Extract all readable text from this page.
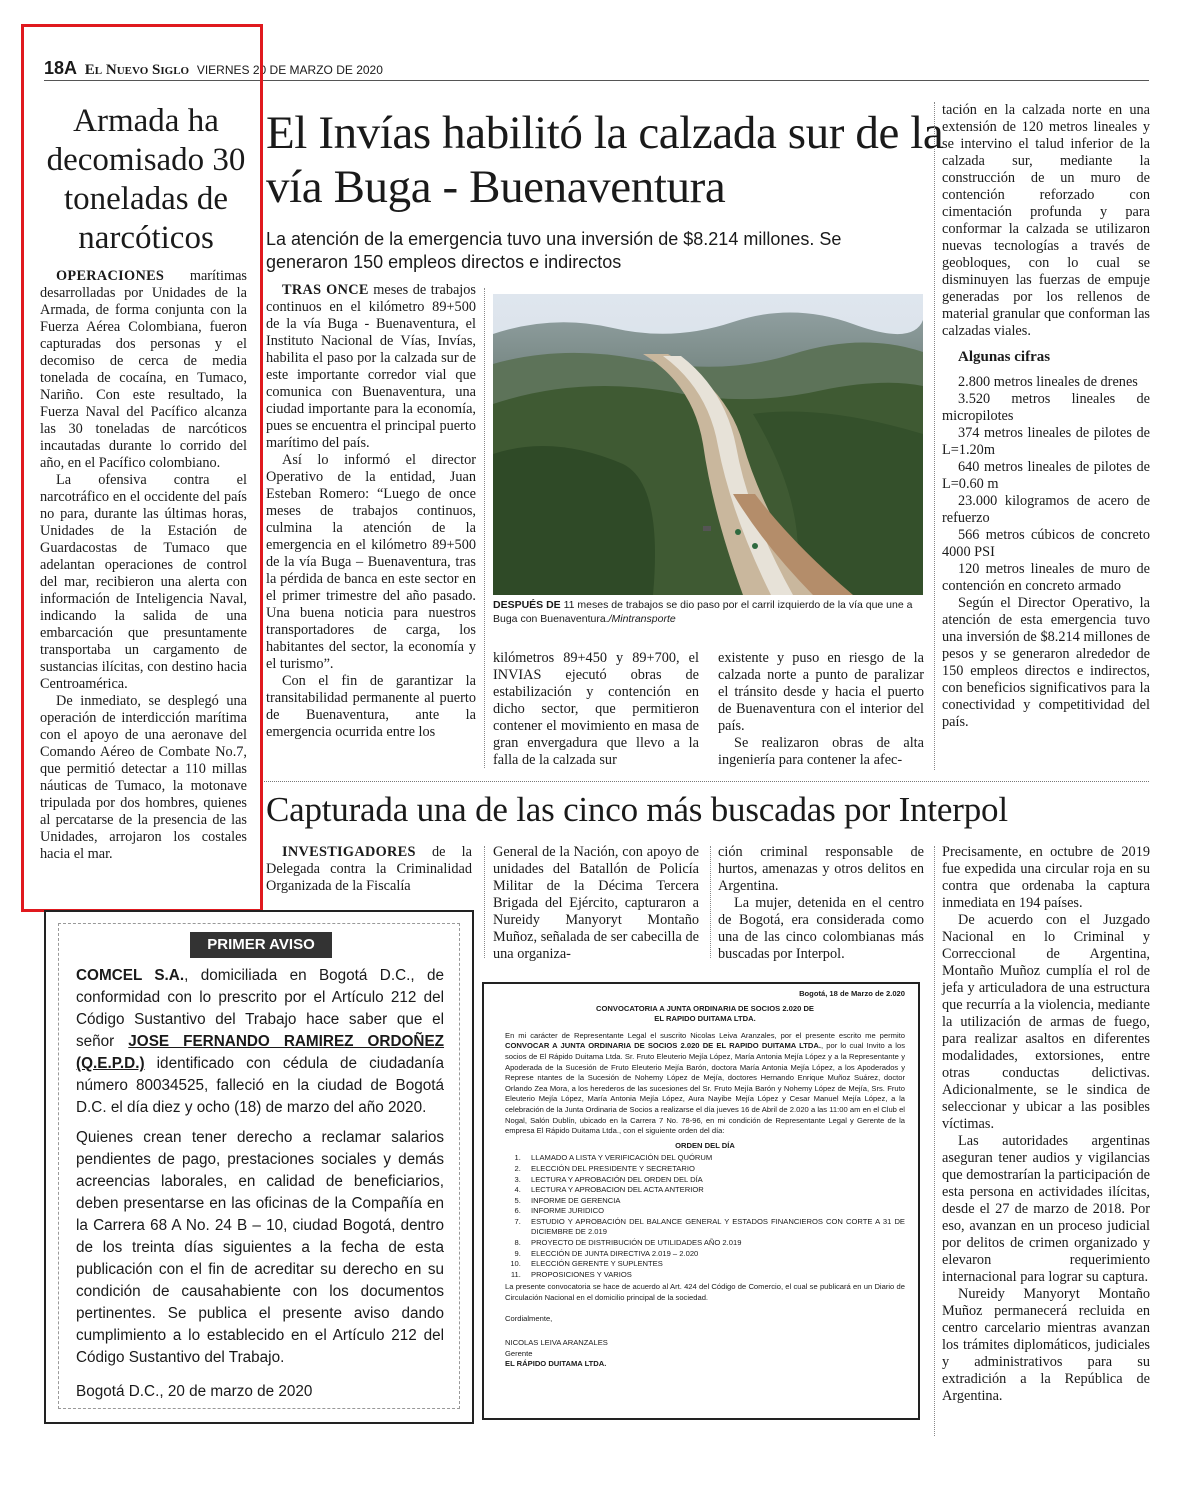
18A El Nuevo Siglo VIERNES 20 DE MARZO DE 2020
Armada ha decomisado 30 toneladas de narcóticos

OPERACIONES marítimas desarrolladas por Unidades de la Armada, de forma conjunta con la Fuerza Aérea Colombiana, fueron capturadas dos personas y el decomiso de cerca de media tonelada de cocaína, en Tumaco, Nariño. Con este resultado, la Fuerza Naval del Pacífico alcanza las 30 toneladas de narcóticos incautadas durante lo corrido del año, en el Pacífico colombiano.

La ofensiva contra el narcotráfico en el occidente del país no para, durante las últimas horas, Unidades de la Estación de Guardacostas de Tumaco que adelantan operaciones de control del mar, recibieron una alerta con información de Inteligencia Naval, indicando la salida de una embarcación que presuntamente transportaba un cargamento de sustancias ilícitas, con destino hacia Centroamérica.

De inmediato, se desplegó una operación de interdicción marítima con el apoyo de una aeronave del Comando Aéreo de Combate No.7, que permitió detectar a 110 millas náuticas de Tumaco, la motonave tripulada por dos hombres, quienes al percatarse de la presencia de las Unidades, arrojaron los costales hacia el mar.

El Invías habilitó la calzada sur de la vía Buga - Buenaventura
La atención de la emergencia tuvo una inversión de $8.214 millones. Se generaron 150 empleos directos e indirectos

TRAS ONCE meses de trabajos continuos en el kilómetro 89+500 de la vía Buga - Buenaventura, el Instituto Nacional de Vías, Invías, habilita el paso por la calzada sur de este importante corredor vial que comunica con Buenaventura, una ciudad importante para la economía, pues se encuentra el principal puerto marítimo del país.

Así lo informó el director Operativo de la entidad, Juan Esteban Romero: “Luego de once meses de trabajos continuos, culmina la atención de la emergencia en el kilómetro 89+500 de la vía Buga – Buenaventura, tras la pérdida de banca en este sector en el primer trimestre del año pasado. Una buena noticia para nuestros transportadores de carga, los habitantes del sector, la economía y el turismo”.

Con el fin de garantizar la transitabilidad permanente al puerto de Buenaventura, ante la emergencia ocurrida entre los

DESPUÉS DE 11 meses de trabajos se dio paso por el carril izquierdo de la vía que une a Buga con Buenaventura./Mintransporte

kilómetros 89+450 y 89+700, el INVIAS ejecutó obras de estabilización y contención en dicho sector, que permitieron contener el movimiento en masa de gran envergadura que llevo a la falla de la calzada sur

existente y puso en riesgo de la calzada norte a punto de paralizar el tránsito desde y hacia el puerto de Buenaventura con el interior del país.

Se realizaron obras de alta ingeniería para contener la afec-

tación en la calzada norte en una extensión de 120 metros lineales y se intervino el talud inferior de la calzada sur, mediante la construcción de un muro de contención reforzado con cimentación profunda y para conformar la calzada se utilizaron nuevas tecnologías a través de geobloques, con lo cual se disminuyen las fuerzas de empuje generadas por los rellenos de material granular que conforman las calzadas viales.

Algunas cifras

2.800 metros lineales de drenes

3.520 metros lineales de micropilotes

374 metros lineales de pilotes de L=1.20m

640 metros lineales de pilotes de L=0.60 m

23.000 kilogramos de acero de refuerzo

566 metros cúbicos de concreto 4000 PSI

120 metros lineales de muro de contención en concreto armado

Según el Director Operativo, la atención de esta emergencia tuvo una inversión de $8.214 millones de pesos y se generaron alrededor de 150 empleos directos e indirectos, con beneficios significativos para la conectividad y competitividad del país.

Capturada una de las cinco más buscadas por Interpol

INVESTIGADORES de la Delegada contra la Criminalidad Organizada de la Fiscalía

General de la Nación, con apoyo de unidades del Batallón de Policía Militar de la Décima Tercera Brigada del Ejército, capturaron a Nureidy Manyoryt Montaño Muñoz, señalada de ser cabecilla de una organiza-

ción criminal responsable de hurtos, amenazas y otros delitos en Argentina.

La mujer, detenida en el centro de Bogotá, era considerada como una de las cinco colombianas más buscadas por Interpol.

Precisamente, en octubre de 2019 fue expedida una circular roja en su contra que ordenaba la captura inmediata en 194 países.

De acuerdo con el Juzgado Nacional en lo Criminal y Correccional de Argentina, Montaño Muñoz cumplía el rol de jefa y articuladora de una estructura que recurría a la violencia, mediante la utilización de armas de fuego, para realizar asaltos en diferentes modalidades, extorsiones, entre otras conductas delictivas. Adicionalmente, se le sindica de seleccionar y ubicar a las posibles víctimas.

Las autoridades argentinas aseguran tener audios y vigilancias que demostrarían la participación de esta persona en actividades ilícitas, desde el 27 de marzo de 2018. Por eso, avanzan en un proceso judicial por delitos de crimen organizado y elevaron requerimiento internacional para lograr su captura.

Nureidy Manyoryt Montaño Muñoz permanecerá recluida en centro carcelario mientras avanzan los trámites diplomáticos, judiciales y administrativos para su extradición a la República de Argentina.

PRIMER AVISO

COMCEL S.A., domiciliada en Bogotá D.C., de conformidad con lo prescrito por el Artículo 212 del Código Sustantivo del Trabajo hace saber que el señor JOSE FERNANDO RAMIREZ ORDOÑEZ (Q.E.P.D.) identificado con cédula de ciudadanía número 80034525, falleció en la ciudad de Bogotá D.C. el día diez y ocho (18) de marzo del año 2020.

Quienes crean tener derecho a reclamar salarios pendientes de pago, prestaciones sociales y demás acreencias laborales, en calidad de beneficiarios, deben presentarse en las oficinas de la Compañía en la Carrera 68 A No. 24 B – 10, ciudad Bogotá, dentro de los treinta días siguientes a la fecha de esta publicación con el fin de acreditar su derecho en su condición de causahabiente con los documentos pertinentes. Se publica el presente aviso dando cumplimiento a lo establecido en el Artículo 212 del Código Sustantivo del Trabajo.

Bogotá D.C., 20 de marzo de 2020

Bogotá, 18 de Marzo de 2.020

CONVOCATORIA A JUNTA ORDINARIA DE SOCIOS 2.020 DE
EL RAPIDO DUITAMA LTDA.

En mi carácter de Representante Legal el suscrito Nicolas Leiva Aranzales, por el presente escrito me permito CONVOCAR A JUNTA ORDINARIA DE SOCIOS 2.020 DE EL RAPIDO DUITAMA LTDA., por lo cual Invito a los socios de El Rápido Duitama Ltda. Sr. Fruto Eleuterio Mejía López, María Antonia Mejía López y a la Representante y Apoderada de la Sucesión de Fruto Eleuterio Mejía Barón, doctora María Antonia Mejía López, a los Apoderados y Represe ntantes de la Sucesión de Nohemy López de Mejía, doctores Hernando Enrique Muñoz Suárez, doctor Orlando Zea Mora, a los herederos de las sucesiones del Sr. Fruto Mejía Barón y Nohemy López de Mejía, Srs. Fruto Eleuterio Mejía López, María Antonia Mejía López, Aura Nayibe Mejía López y Cesar Manuel Mejía López, a la celebración de la Junta Ordinaria de Socios a realizarse el día jueves 16 de Abril de 2.020 a las 11:00 am en el Club el Nogal, Salón Dublín, ubicado en la Carrera 7 No. 78-96, en mi condición de Representante Legal y Gerente de la empresa El Rápido Duitama Ltda., con el siguiente orden del día:

ORDEN DEL DÍA
1. LLAMADO A LISTA Y VERIFICACIÓN DEL QUÓRUM
2. ELECCIÓN DEL PRESIDENTE Y SECRETARIO
3. LECTURA Y APROBACIÓN DEL ORDEN DEL DÍA
4. LECTURA Y APROBACION DEL ACTA ANTERIOR
5. INFORME DE GERENCIA
6. INFORME JURIDICO
7. ESTUDIO Y APROBACIÓN DEL BALANCE GENERAL Y ESTADOS FINANCIEROS CON CORTE A 31 DE DICIEMBRE DE 2.019
8. PROYECTO DE DISTRIBUCIÓN DE UTILIDADES AÑO 2.019
9. ELECCIÓN DE JUNTA DIRECTIVA 2.019 – 2.020
10. ELECCIÓN GERENTE Y SUPLENTES
11. PROPOSICIONES Y VARIOS

La presente convocatoria se hace de acuerdo al Art. 424 del Código de Comercio, el cual se publicará en un Diario de Circulación Nacional en el domicilio principal de la sociedad.

Cordialmente,

NICOLAS LEIVA ARANZALES
Gerente
EL RÁPIDO DUITAMA LTDA.
